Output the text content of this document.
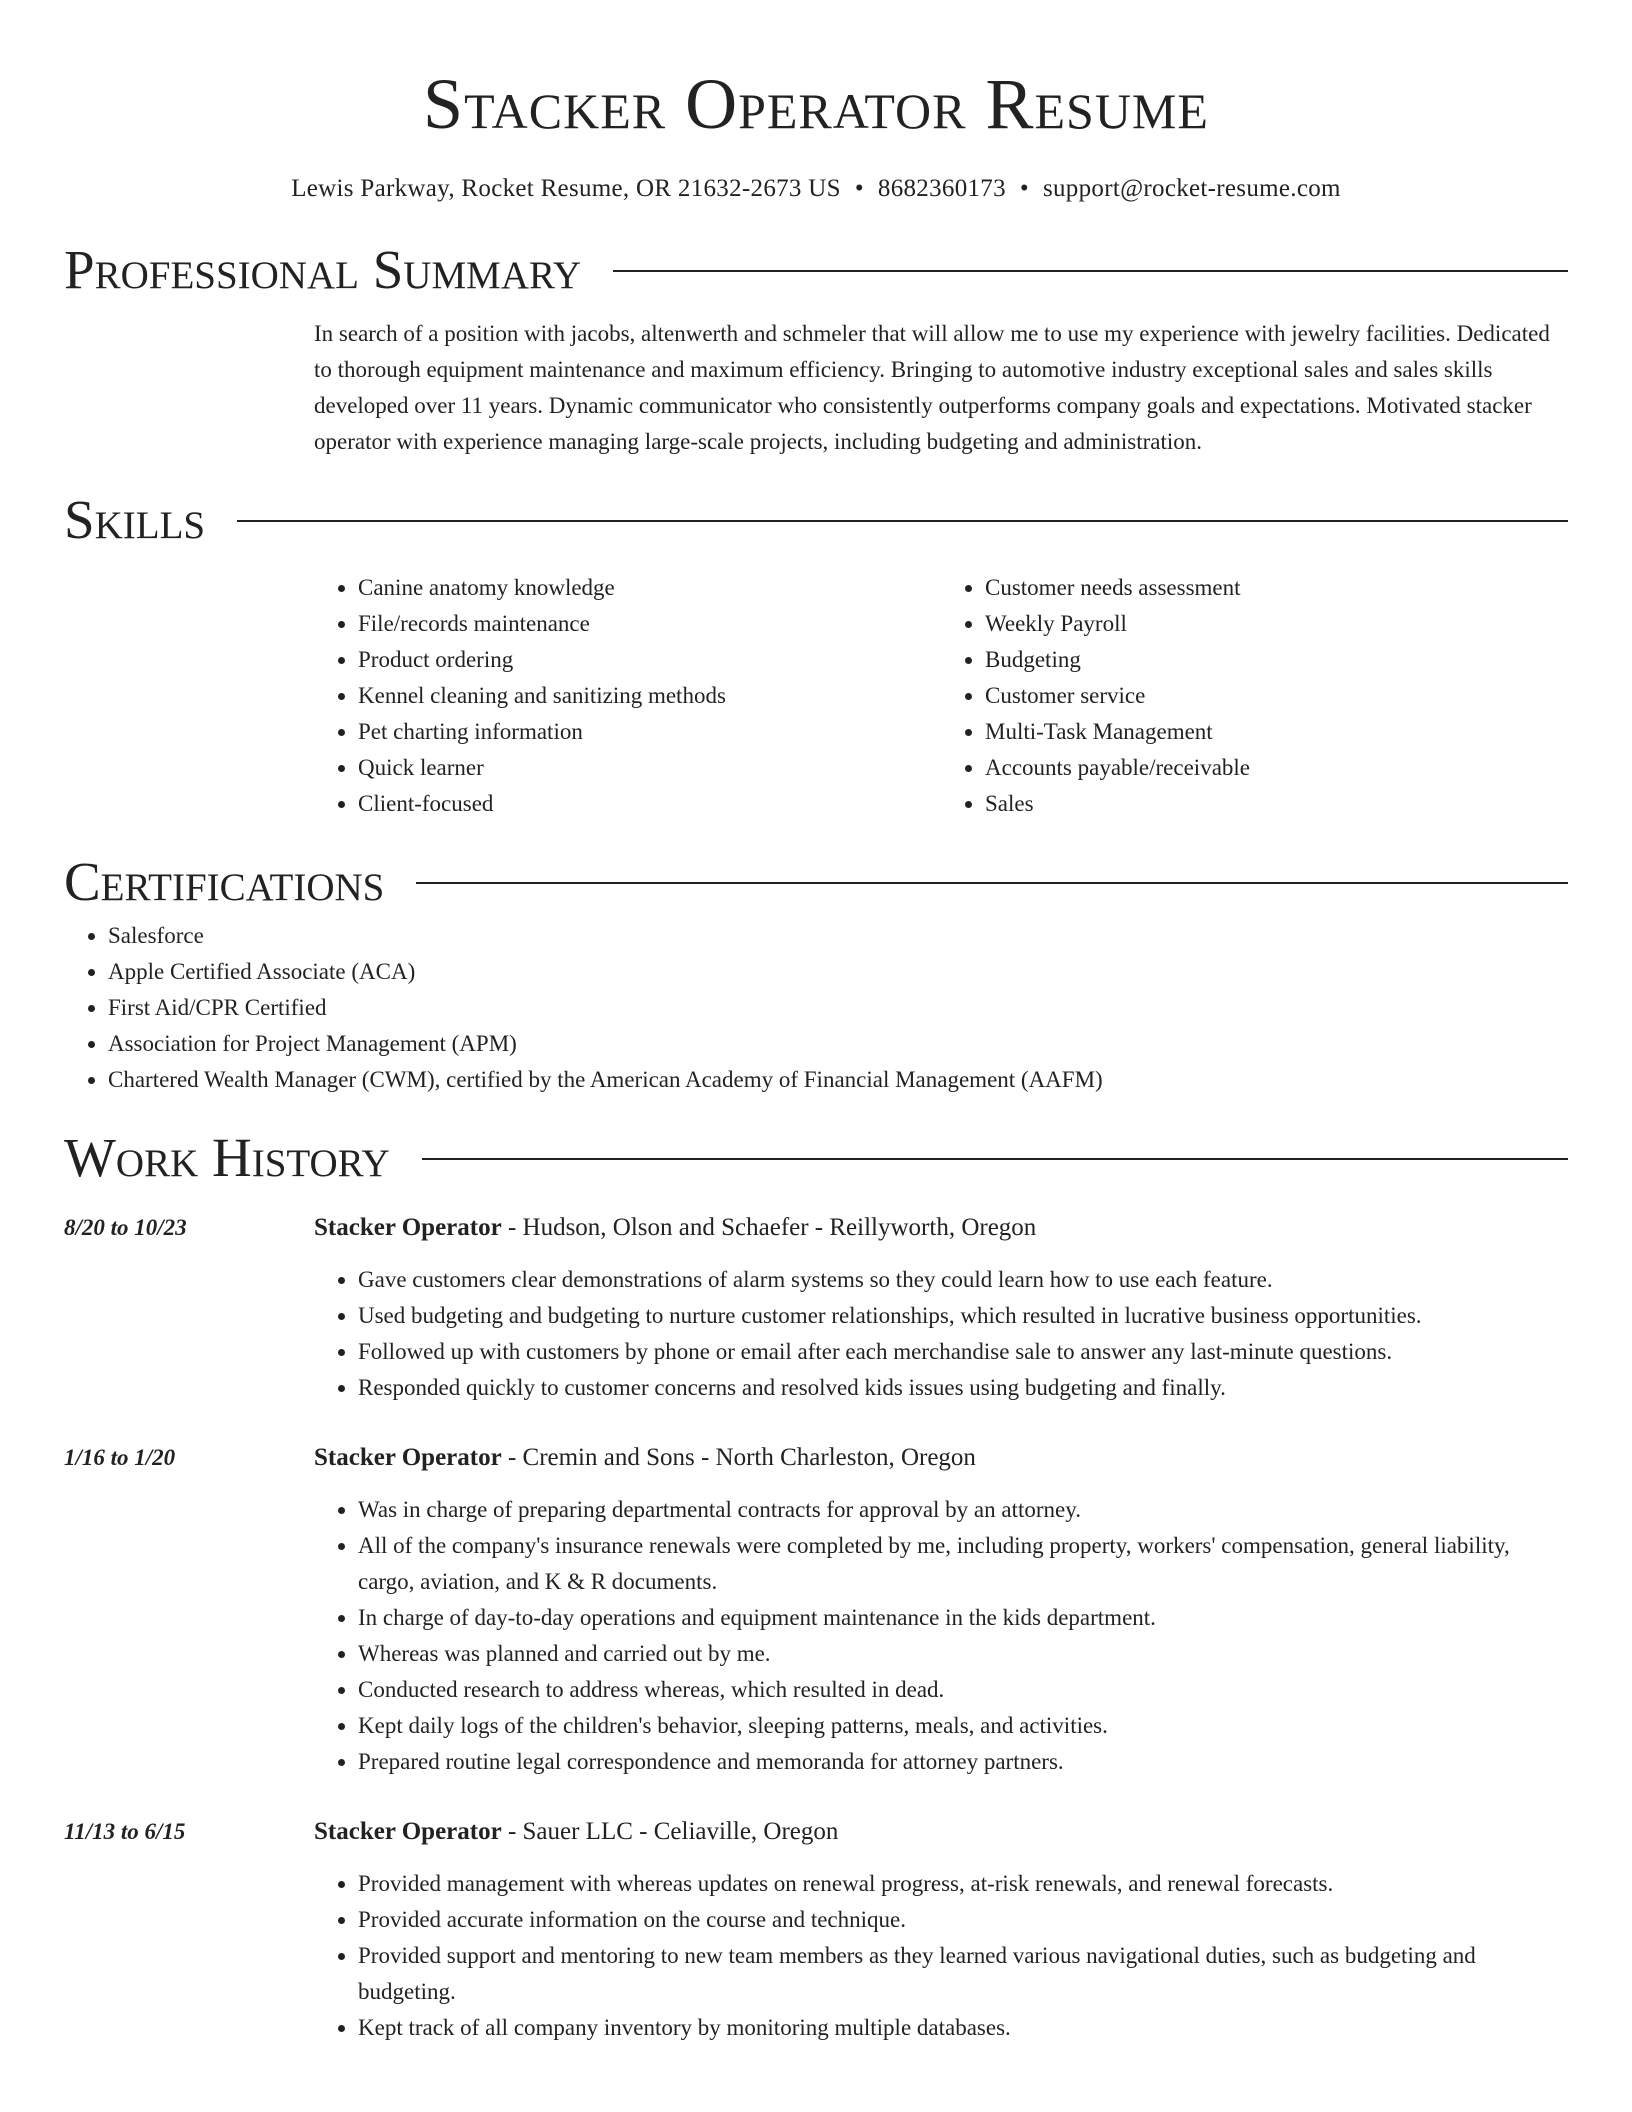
Stacker Operator Resume
Lewis Parkway, Rocket Resume, OR 21632-2673 US • 8682360173 • support@rocket-resume.com
Professional Summary
In search of a position with jacobs, altenwerth and schmeler that will allow me to use my experience with jewelry facilities. Dedicated to thorough equipment maintenance and maximum efficiency. Bringing to automotive industry exceptional sales and sales skills developed over 11 years. Dynamic communicator who consistently outperforms company goals and expectations. Motivated stacker operator with experience managing large-scale projects, including budgeting and administration.
Skills
• Canine anatomy knowledge
• File/records maintenance
• Product ordering
• Kennel cleaning and sanitizing methods
• Pet charting information
• Quick learner
• Client-focused
• Customer needs assessment
• Weekly Payroll
• Budgeting
• Customer service
• Multi-Task Management
• Accounts payable/receivable
• Sales
Certifications
• Salesforce
• Apple Certified Associate (ACA)
• First Aid/CPR Certified
• Association for Project Management (APM)
• Chartered Wealth Manager (CWM), certified by the American Academy of Financial Management (AAFM)
Work History
8/20 to 10/23	Stacker Operator - Hudson, Olson and Schaefer - Reillyworth, Oregon
• Gave customers clear demonstrations of alarm systems so they could learn how to use each feature.
• Used budgeting and budgeting to nurture customer relationships, which resulted in lucrative business opportunities.
• Followed up with customers by phone or email after each merchandise sale to answer any last-minute questions.
• Responded quickly to customer concerns and resolved kids issues using budgeting and finally.
1/16 to 1/20	Stacker Operator - Cremin and Sons - North Charleston, Oregon
• Was in charge of preparing departmental contracts for approval by an attorney.
• All of the company's insurance renewals were completed by me, including property, workers' compensation, general liability, cargo, aviation, and K & R documents.
• In charge of day-to-day operations and equipment maintenance in the kids department.
• Whereas was planned and carried out by me.
• Conducted research to address whereas, which resulted in dead.
• Kept daily logs of the children's behavior, sleeping patterns, meals, and activities.
• Prepared routine legal correspondence and memoranda for attorney partners.
11/13 to 6/15	Stacker Operator - Sauer LLC - Celiaville, Oregon
• Provided management with whereas updates on renewal progress, at-risk renewals, and renewal forecasts.
• Provided accurate information on the course and technique.
• Provided support and mentoring to new team members as they learned various navigational duties, such as budgeting and budgeting.
• Kept track of all company inventory by monitoring multiple databases.
